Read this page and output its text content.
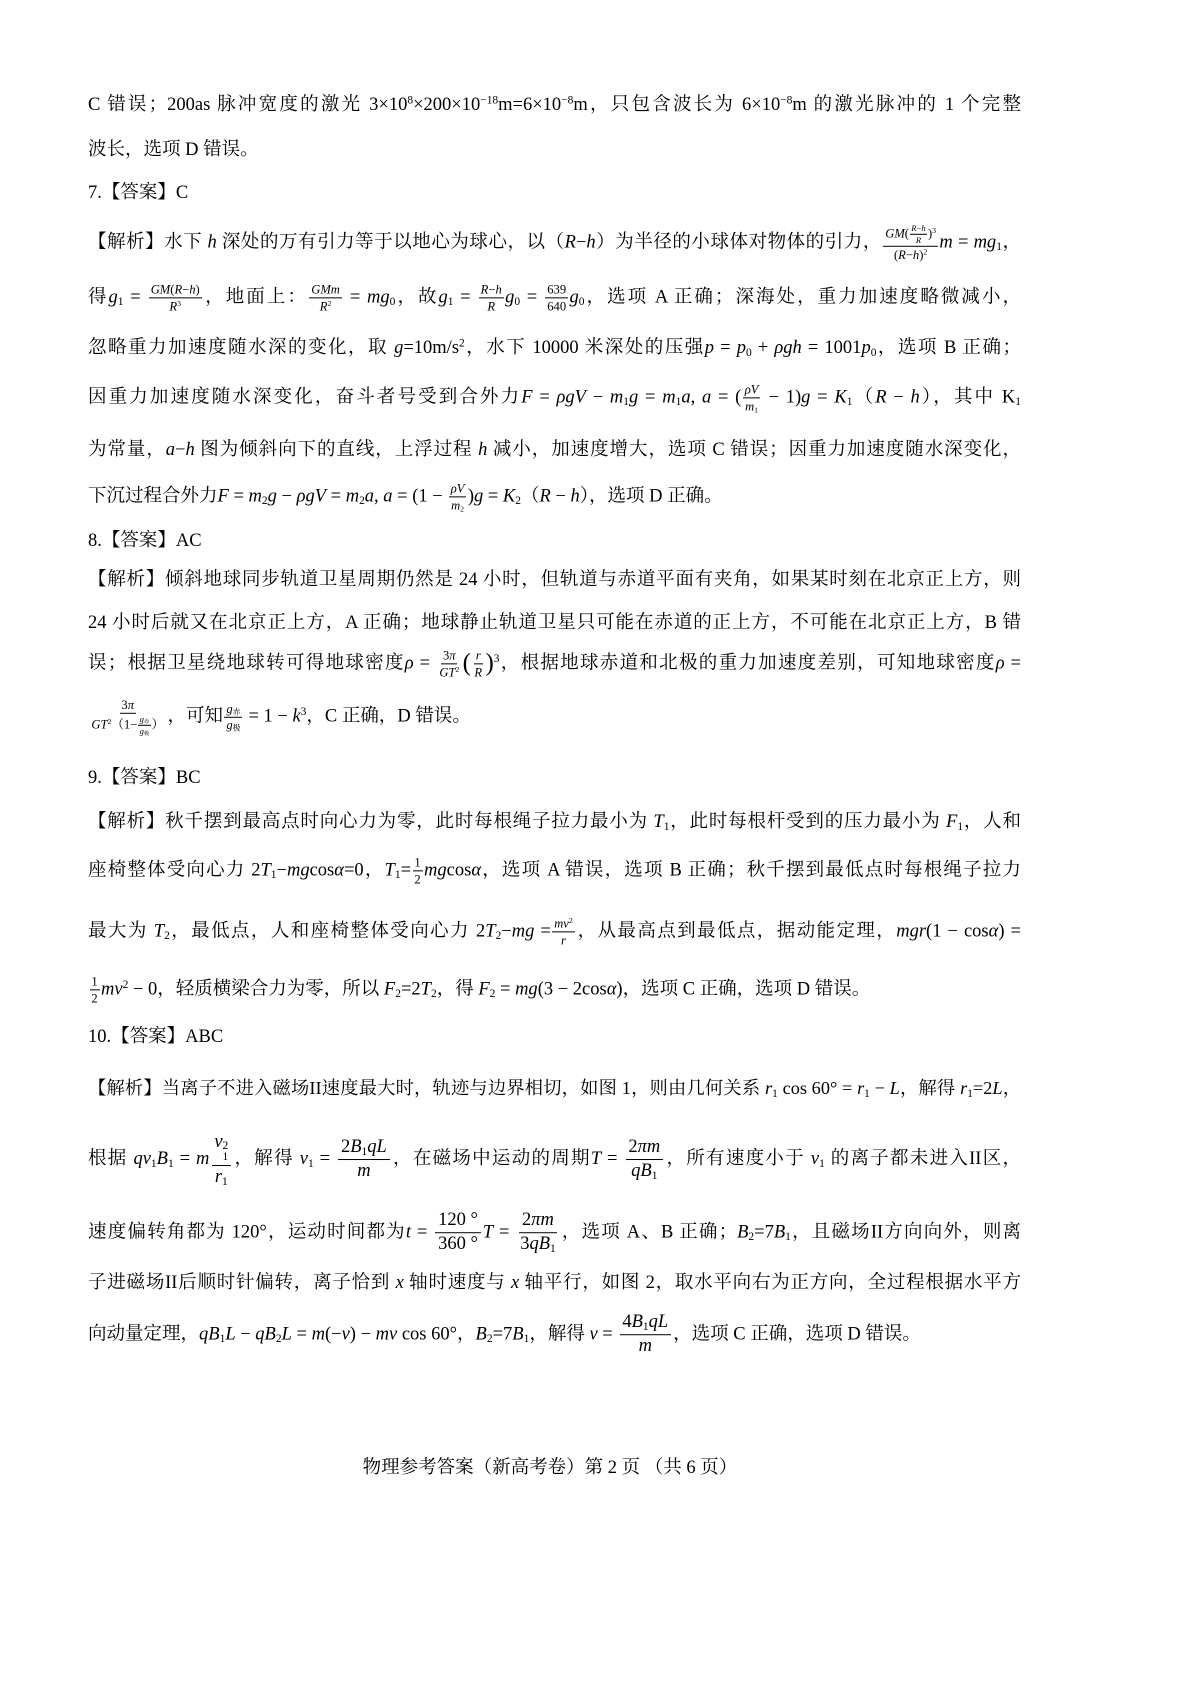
C 错误；200as 脉冲宽度的激光 $3\times 10^8\times 200\times 10^{-18}m=6\times 10^{-8}m$，只包含波长为 $6\times 10^{-8}m$ 的激光脉冲的 1 个完整
波长，选项 D 错误。
7.【答案】C
【解析】水下 h 深处的万有引力等于以地心为球心，以（R−h）为半径的小球体对物体的引力， $\frac{GM( \frac{R-h}{R} )^3}{(R-h)^2}$ $m = mg_1$，
得$g_1 = \frac{GM(R-h)}{R^3}$ ，地面上： $\frac{\text{GMm}}{R^2} = mg_0$，故$g_1 = \frac{R-h}{R} g_0 = \frac{639}{640} g_0$，选项 A 正确；深海处，重力加速度略微减小，
忽略重力加速度随水深的变化，取 $g=10m/s^2$，水下 10000 米深处的压强$p = p_0 + \rho gh = 1001p_0$，选项 B 正确；
因重力加速度随水深变化，奋斗者号受到合外力$F = \rho gV - m_1g = m_1a$, a = ( $\frac{\rho V}{m_1} - 1)g = K_1(R - h)$，其中 $K_1$
为常量，a−h 图为倾斜向下的直线，上浮过程 h 减小，加速度增大，选项 C 错误；因重力加速度随水深变化，
下沉过程合外力$F = m_2g - \rho gV = m_2a$, $a = (1 - \frac{\rho V}{m_2} )g = K_2(R - h)$，选项 D 正确。
8.【答案】AC
【解析】倾斜地球同步轨道卫星周期仍然是 24 小时，但轨道与赤道平面有夹角，如果某时刻在北京正上方，则
24 小时后就又在北京正上方，A 正确；地球静止轨道卫星只可能在赤道的正上方，不可能在北京正上方，B 错
误；根据卫星绕地球转可得地球密度$\rho = \frac{3\pi}{GT^2}$ ( $\frac{r}{R} )^3$，根据地球赤道和北极的重力加速度差别，可知地球密度ρ =
$\frac{3\pi}{GT^2(1- \frac{g_赤}{g_极} )}$ ，可知 $\frac{g_赤}{g_极} = 1 - k^3$，C 正确，D 错误。
9.【答案】BC
【解析】秋千摆到最高点时向心力为零，此时每根绳子拉力最小为 $T_1$，此时每根杆受到的压力最小为 $F_1$，人和
座椅整体受向心力 $2T_1-mgcos\alpha=0$，$T_1= \frac{1}{2}$ mgcosα，选项 A 错误，选项 B 正确；秋千摆到最低点时每根绳子拉力
最大为 $T_2$，最低点，人和座椅整体受向心力 $2T_2-mg = \frac{mv^2}{r}$ ，从最高点到最低点，据动能定理，mgr(1 − cosα) =
$\frac{1}{2} mv^2 - 0$，轻质横梁合力为零，所以 $F_2=2T_2$，得 $F_2 = mg(3 - 2\cos\alpha)$，选项 C 正确，选项 D 错误。
10.【答案】ABC
【解析】当离子不进入磁场II速度最大时，轨迹与边界相切，如图 1，则由几何关系 $r_1$ $\cos 60^\circ = r_1 - L$，解得 $r_1=2L$，
根据 $qv_1B_1 = m$ v 2
1
$r_1$ ，解得 $v_1 = \frac{2B_1qL}{m}$ ，在磁场中运动的周期$T = \frac{2\pi m}{qB_1}$ ，所有速度小于 $v_1$ 的离子都未进入II区，
速度偏转角都为 120°，运动时间都为$t = \frac{120 ^\circ}{360 ^\circ}$ $T = \frac{2\pi m}{3qB_1}$ ，选项 A、B 正确；$B_2=7B_1$，且磁场II方向向外，则离
子进磁场II后顺时针偏转，离子恰到 x 轴时速度与 x 轴平行，如图 2，取水平向右为正方向，全过程根据水平方
向动量定理，$qB_1L - qB_2L = m(-v)$ − mv cos 60°，$B_2=7B_1$，解得 $v = \frac{4B_1qL}{m}$ ，选项 C 正确，选项 D 错误。
物理参考答案（新高考卷）第 2 页 （共 6 页）
